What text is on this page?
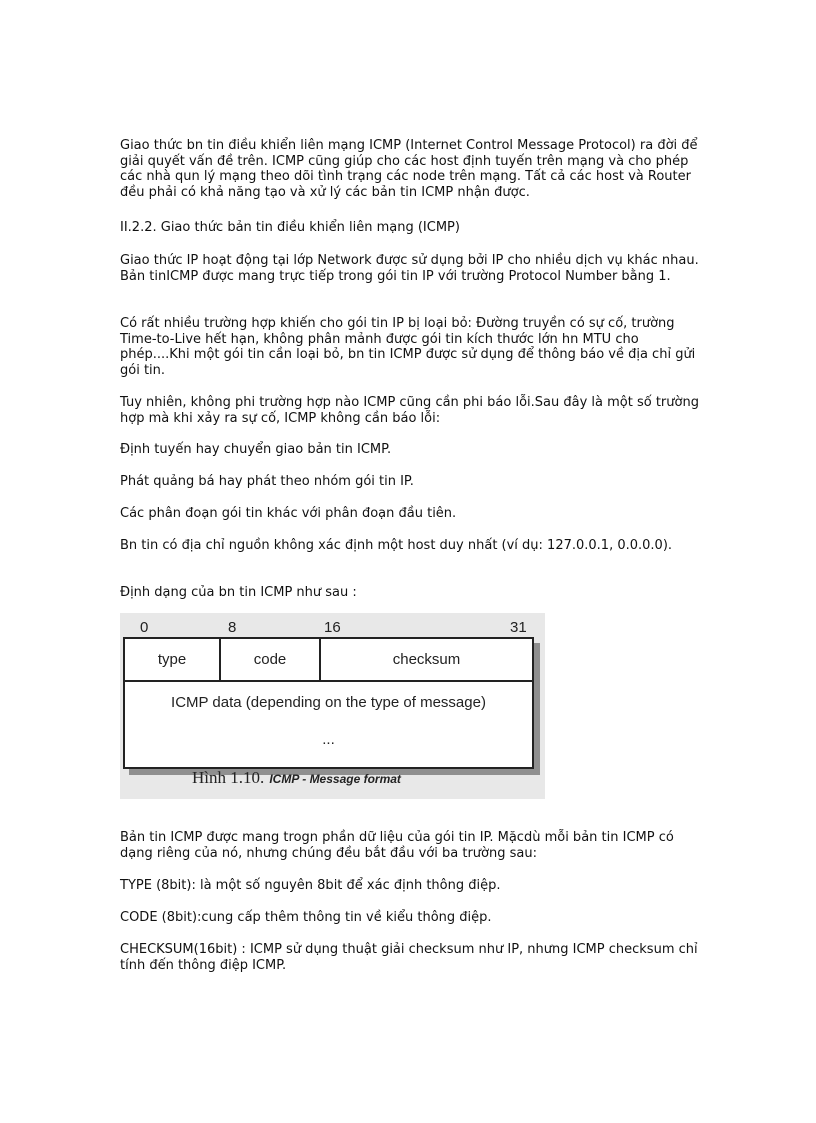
Giao thức bn tin điều khiển liên mạng ICMP (Internet Control Message Protocol) ra đời để giải quyết vấn đề trên. ICMP cũng giúp cho các host định tuyến trên mạng và cho phép các nhà qun lý mạng theo dõi tình trạng các node trên mạng. Tất cả các host và Router đều phải có khả năng tạo và xử lý các bản tin ICMP nhận được.

II.2.2. Giao thức bản tin điều khiển liên mạng (ICMP)

Giao thức IP hoạt động tại lớp Network được sử dụng bởi IP cho nhiều dịch vụ khác nhau. Bản tinICMP được mang trực tiếp trong gói tin IP với trường Protocol Number bằng 1.

Có rất nhiều trường hợp khiến cho gói tin IP bị loại bỏ: Đường truyền có sự cố, trường Time-to-Live hết hạn, không phân mảnh được gói tin kích thước lớn hn MTU cho phép....Khi một gói tin cần loại bỏ, bn tin ICMP được sử dụng để thông báo về địa chỉ gửi gói tin.

Tuy nhiên, không phi trường hợp nào ICMP cũng cần phi báo lỗi.Sau đây là một số trường hợp mà khi xảy ra sự cố, ICMP không cần báo lỗi:

Định tuyến hay chuyển giao bản tin ICMP.

Phát quảng bá hay phát theo nhóm gói tin IP.

Các phân đoạn gói tin khác với phân đoạn đầu tiên.

Bn tin có địa chỉ nguồn không xác định một host duy nhất (ví dụ: 127.0.0.1, 0.0.0.0).

Định dạng của bn tin ICMP như sau :

0	8	16	31
type	code	checksum
ICMP data (depending on the type of message)
...
Hình 1.10. ICMP - Message format

Bản tin ICMP được mang trogn phần dữ liệu của gói tin IP. Mặcdù mỗi bản tin ICMP có dạng riêng của nó, nhưng chúng đều bắt đầu với ba trường sau:

TYPE (8bit): là một số nguyên 8bit để xác định thông điệp.

CODE (8bit):cung cấp thêm thông tin về kiểu thông điệp.

CHECKSUM(16bit) : ICMP sử dụng thuật giải checksum như IP, nhưng ICMP checksum chỉ tính đến thông điệp ICMP.
